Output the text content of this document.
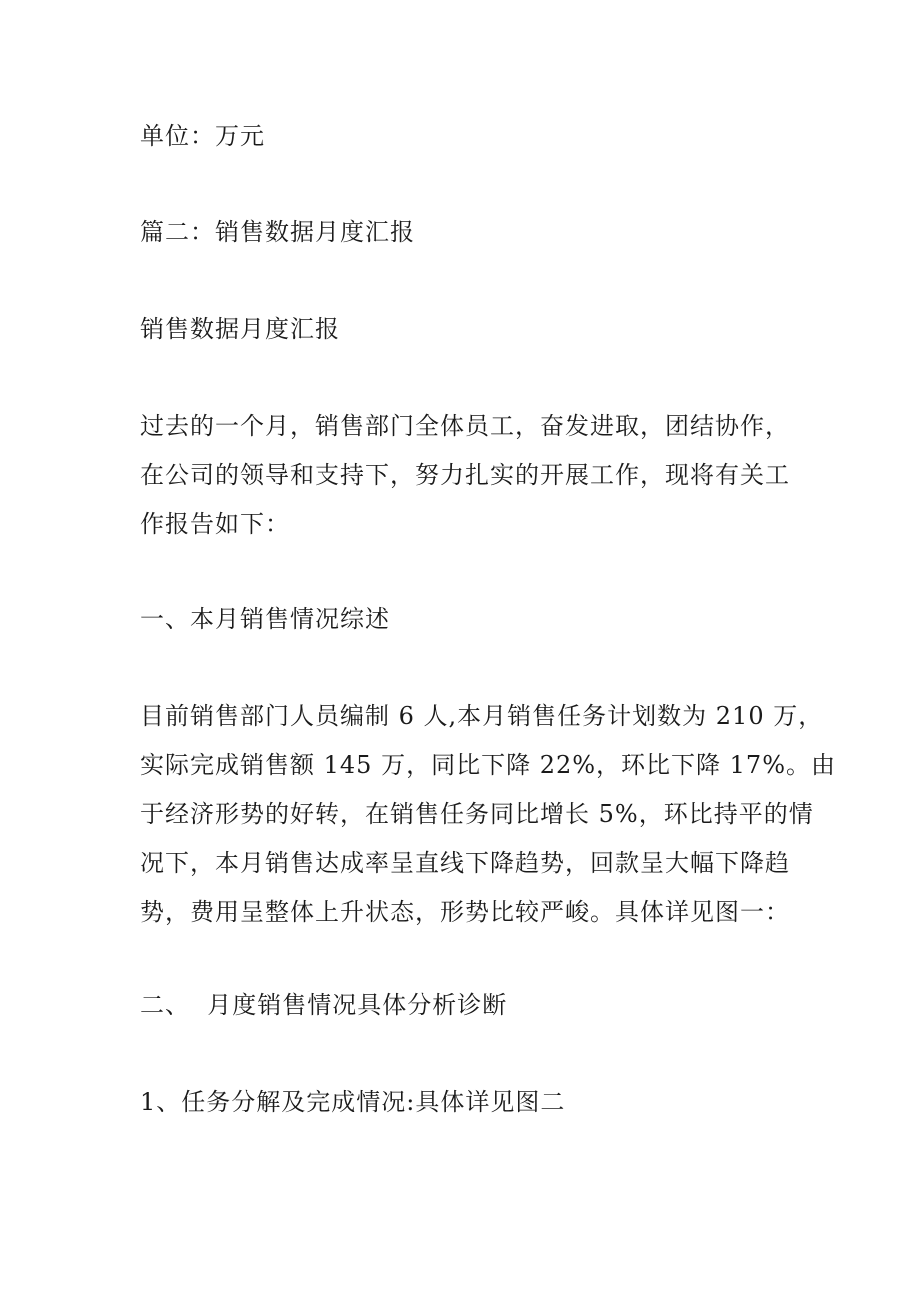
单位：万元

篇二：销售数据月度汇报

销售数据月度汇报

过去的一个月，销售部门全体员工，奋发进取，团结协作，
在公司的领导和支持下，努力扎实的开展工作，现将有关工
作报告如下：

一、本月销售情况综述

目前销售部门人员编制 6 人,本月销售任务计划数为 210 万，
实际完成销售额 145 万，同比下降 22%，环比下降 17%。由
于经济形势的好转，在销售任务同比增长 5%，环比持平的情
况下，本月销售达成率呈直线下降趋势，回款呈大幅下降趋
势，费用呈整体上升状态，形势比较严峻。具体详见图一：

二、  月度销售情况具体分析诊断

1、任务分解及完成情况:具体详见图二
